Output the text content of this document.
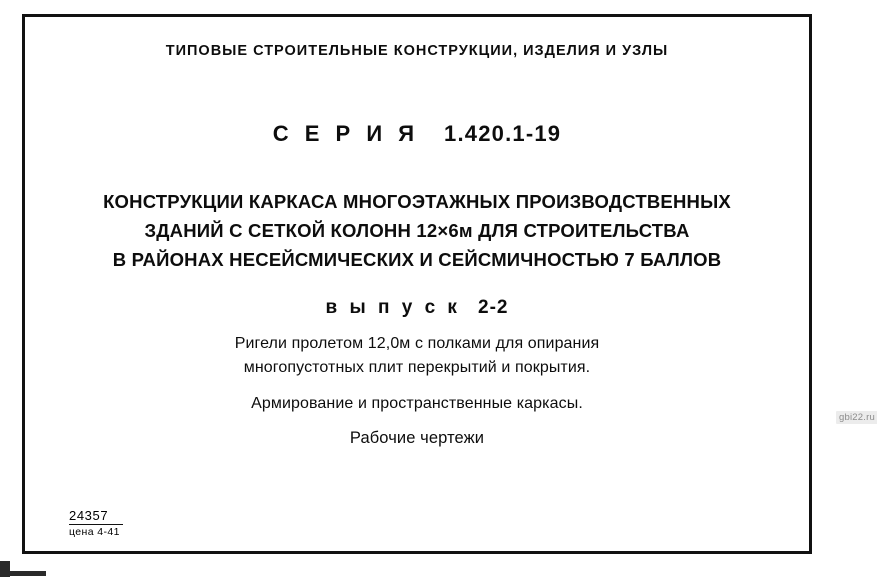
ТИПОВЫЕ СТРОИТЕЛЬНЫЕ КОНСТРУКЦИИ, ИЗДЕЛИЯ И УЗЛЫ
С Е Р И Я 1.420.1-19
КОНСТРУКЦИИ КАРКАСА МНОГОЭТАЖНЫХ ПРОИЗВОДСТВЕННЫХ
ЗДАНИЙ С СЕТКОЙ КОЛОНН 12×6м ДЛЯ СТРОИТЕЛЬСТВА
В РАЙОНАХ НЕСЕЙСМИЧЕСКИХ И СЕЙСМИЧНОСТЬЮ 7 БАЛЛОВ
в ы п у с к 2-2
Ригели пролетом 12,0м с полками для опирания
многопустотных плит перекрытий и покрытия.
Армирование и пространственные каркасы.
Рабочие чертежи
24357
цена 4-41
gbi22.ru
